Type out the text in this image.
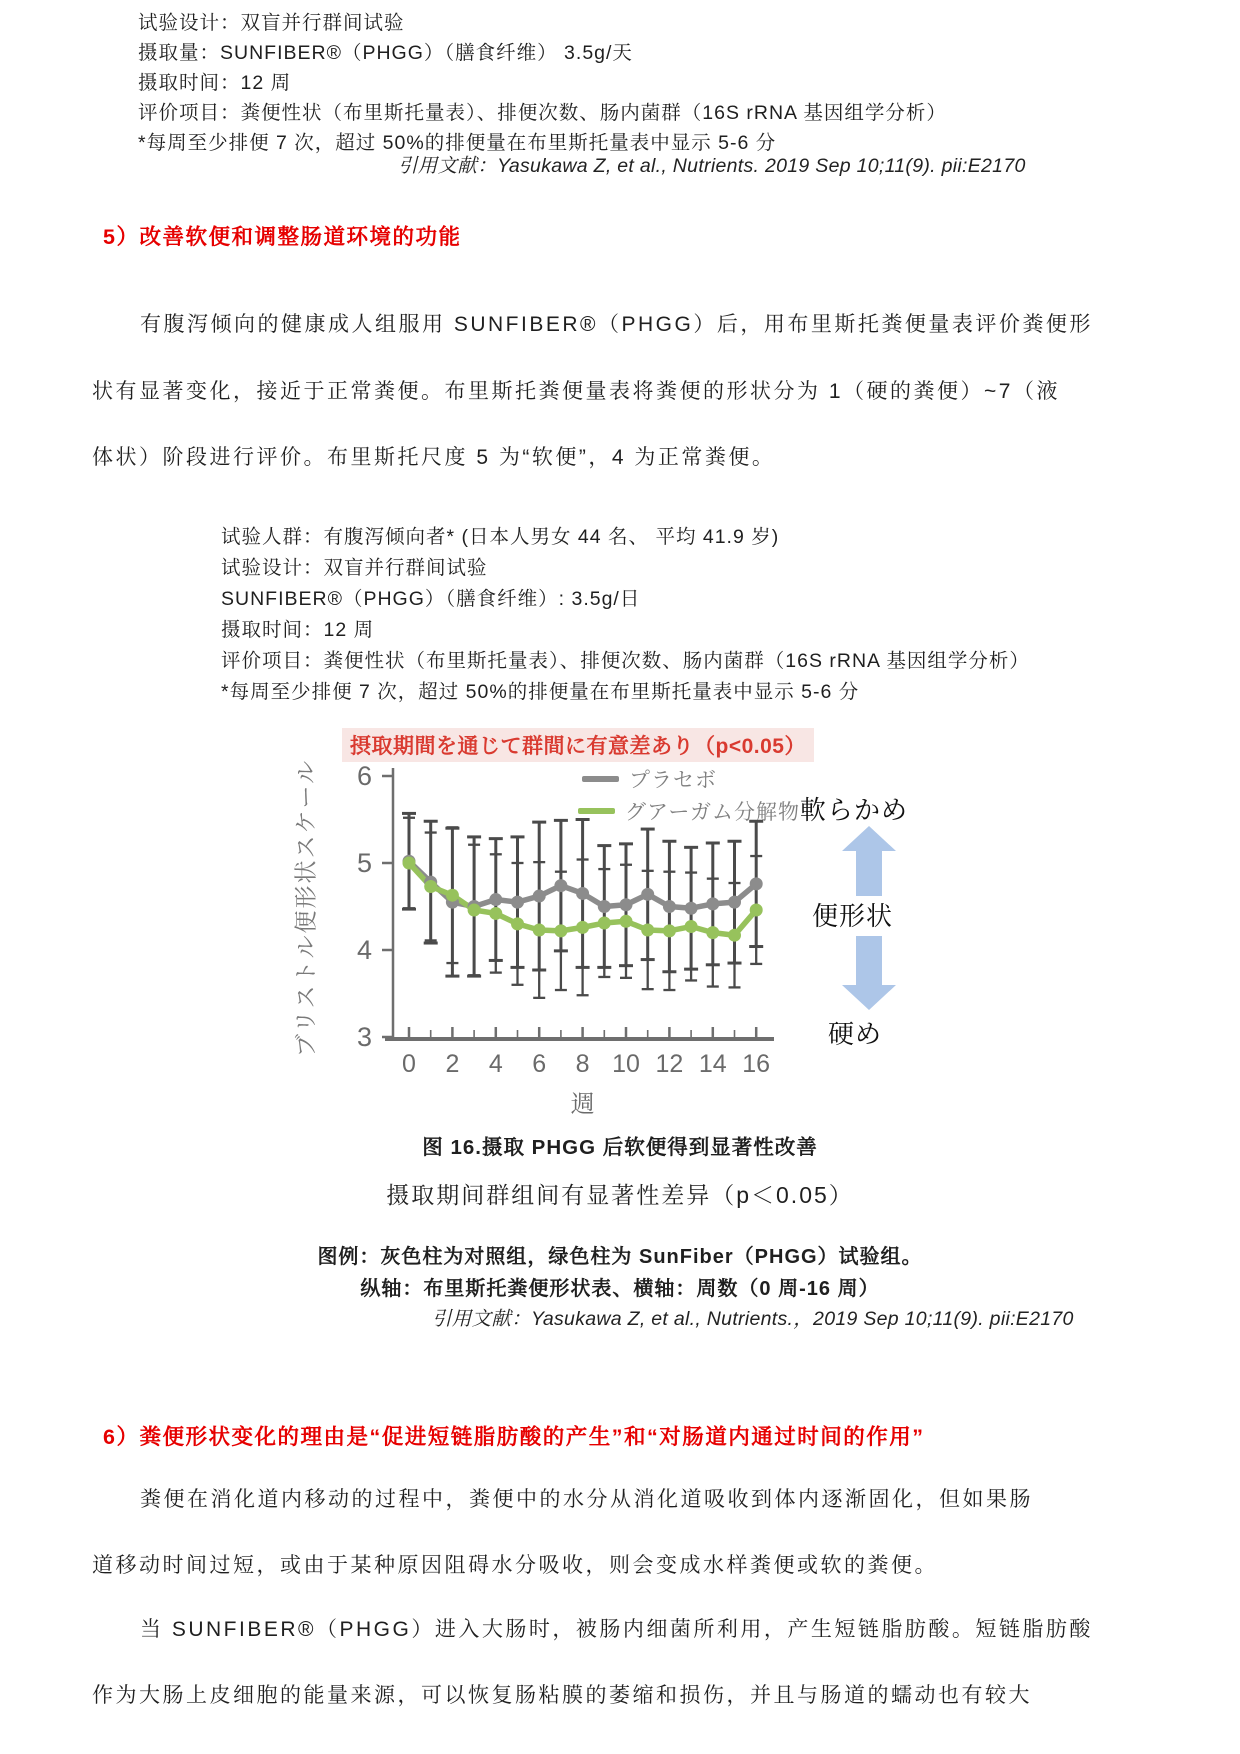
试验设计：双盲并行群间试验
摄取量：SUNFIBER®（PHGG）（膳食纤维） 3.5g/天
摄取时间：12 周
评价项目：粪便性状（布里斯托量表）、排便次数、肠内菌群（16S rRNA 基因组学分析）
*每周至少排便 7 次，超过 50%的排便量在布里斯托量表中显示 5-6 分
引用文献：Yasukawa Z, et al., Nutrients. 2019 Sep 10;11(9). pii:E2170
5）改善软便和调整肠道环境的功能
有腹泻倾向的健康成人组服用 SUNFIBER®（PHGG）后，用布里斯托粪便量表评价粪便形
状有显著变化，接近于正常粪便。布里斯托粪便量表将粪便的形状分为 1（硬的粪便）~7（液
体状）阶段进行评价。布里斯托尺度 5 为“软便”，4 为正常粪便。
试验人群：有腹泻倾向者* (日本人男女 44 名、 平均 41.9 岁)
试验设计：双盲并行群间试验
SUNFIBER®（PHGG）（膳食纤维）: 3.5g/日
摄取时间：12 周
评价项目：粪便性状（布里斯托量表）、排便次数、肠内菌群（16S rRNA 基因组学分析）
*每周至少排便 7 次，超过 50%的排便量在布里斯托量表中显示 5-6 分
摂取期間を通じて群間に有意差あり（p<0.05）
プラセボ
グアーガム分解物
ブリストル便形状スケール 3
4
5
6
0 2 4 6 8 10 12 14 16
週
軟らかめ
便形状
硬め
图 16.摄取 PHGG 后软便得到显著性改善
摄取期间群组间有显著性差异（p＜0.05）
图例：灰色柱为对照组，绿色柱为 SunFiber（PHGG）试验组。
纵轴：布里斯托粪便形状表、横轴：周数（0 周-16 周）
引用文献：Yasukawa Z, et al., Nutrients.，2019 Sep 10;11(9). pii:E2170
6）粪便形状变化的理由是“促进短链脂肪酸的产生”和“对肠道内通过时间的作用”
粪便在消化道内移动的过程中，粪便中的水分从消化道吸收到体内逐渐固化，但如果肠
道移动时间过短，或由于某种原因阻碍水分吸收，则会变成水样粪便或软的粪便。
当 SUNFIBER®（PHGG）进入大肠时，被肠内细菌所利用，产生短链脂肪酸。短链脂肪酸
作为大肠上皮细胞的能量来源，可以恢复肠粘膜的萎缩和损伤，并且与肠道的蠕动也有较大
